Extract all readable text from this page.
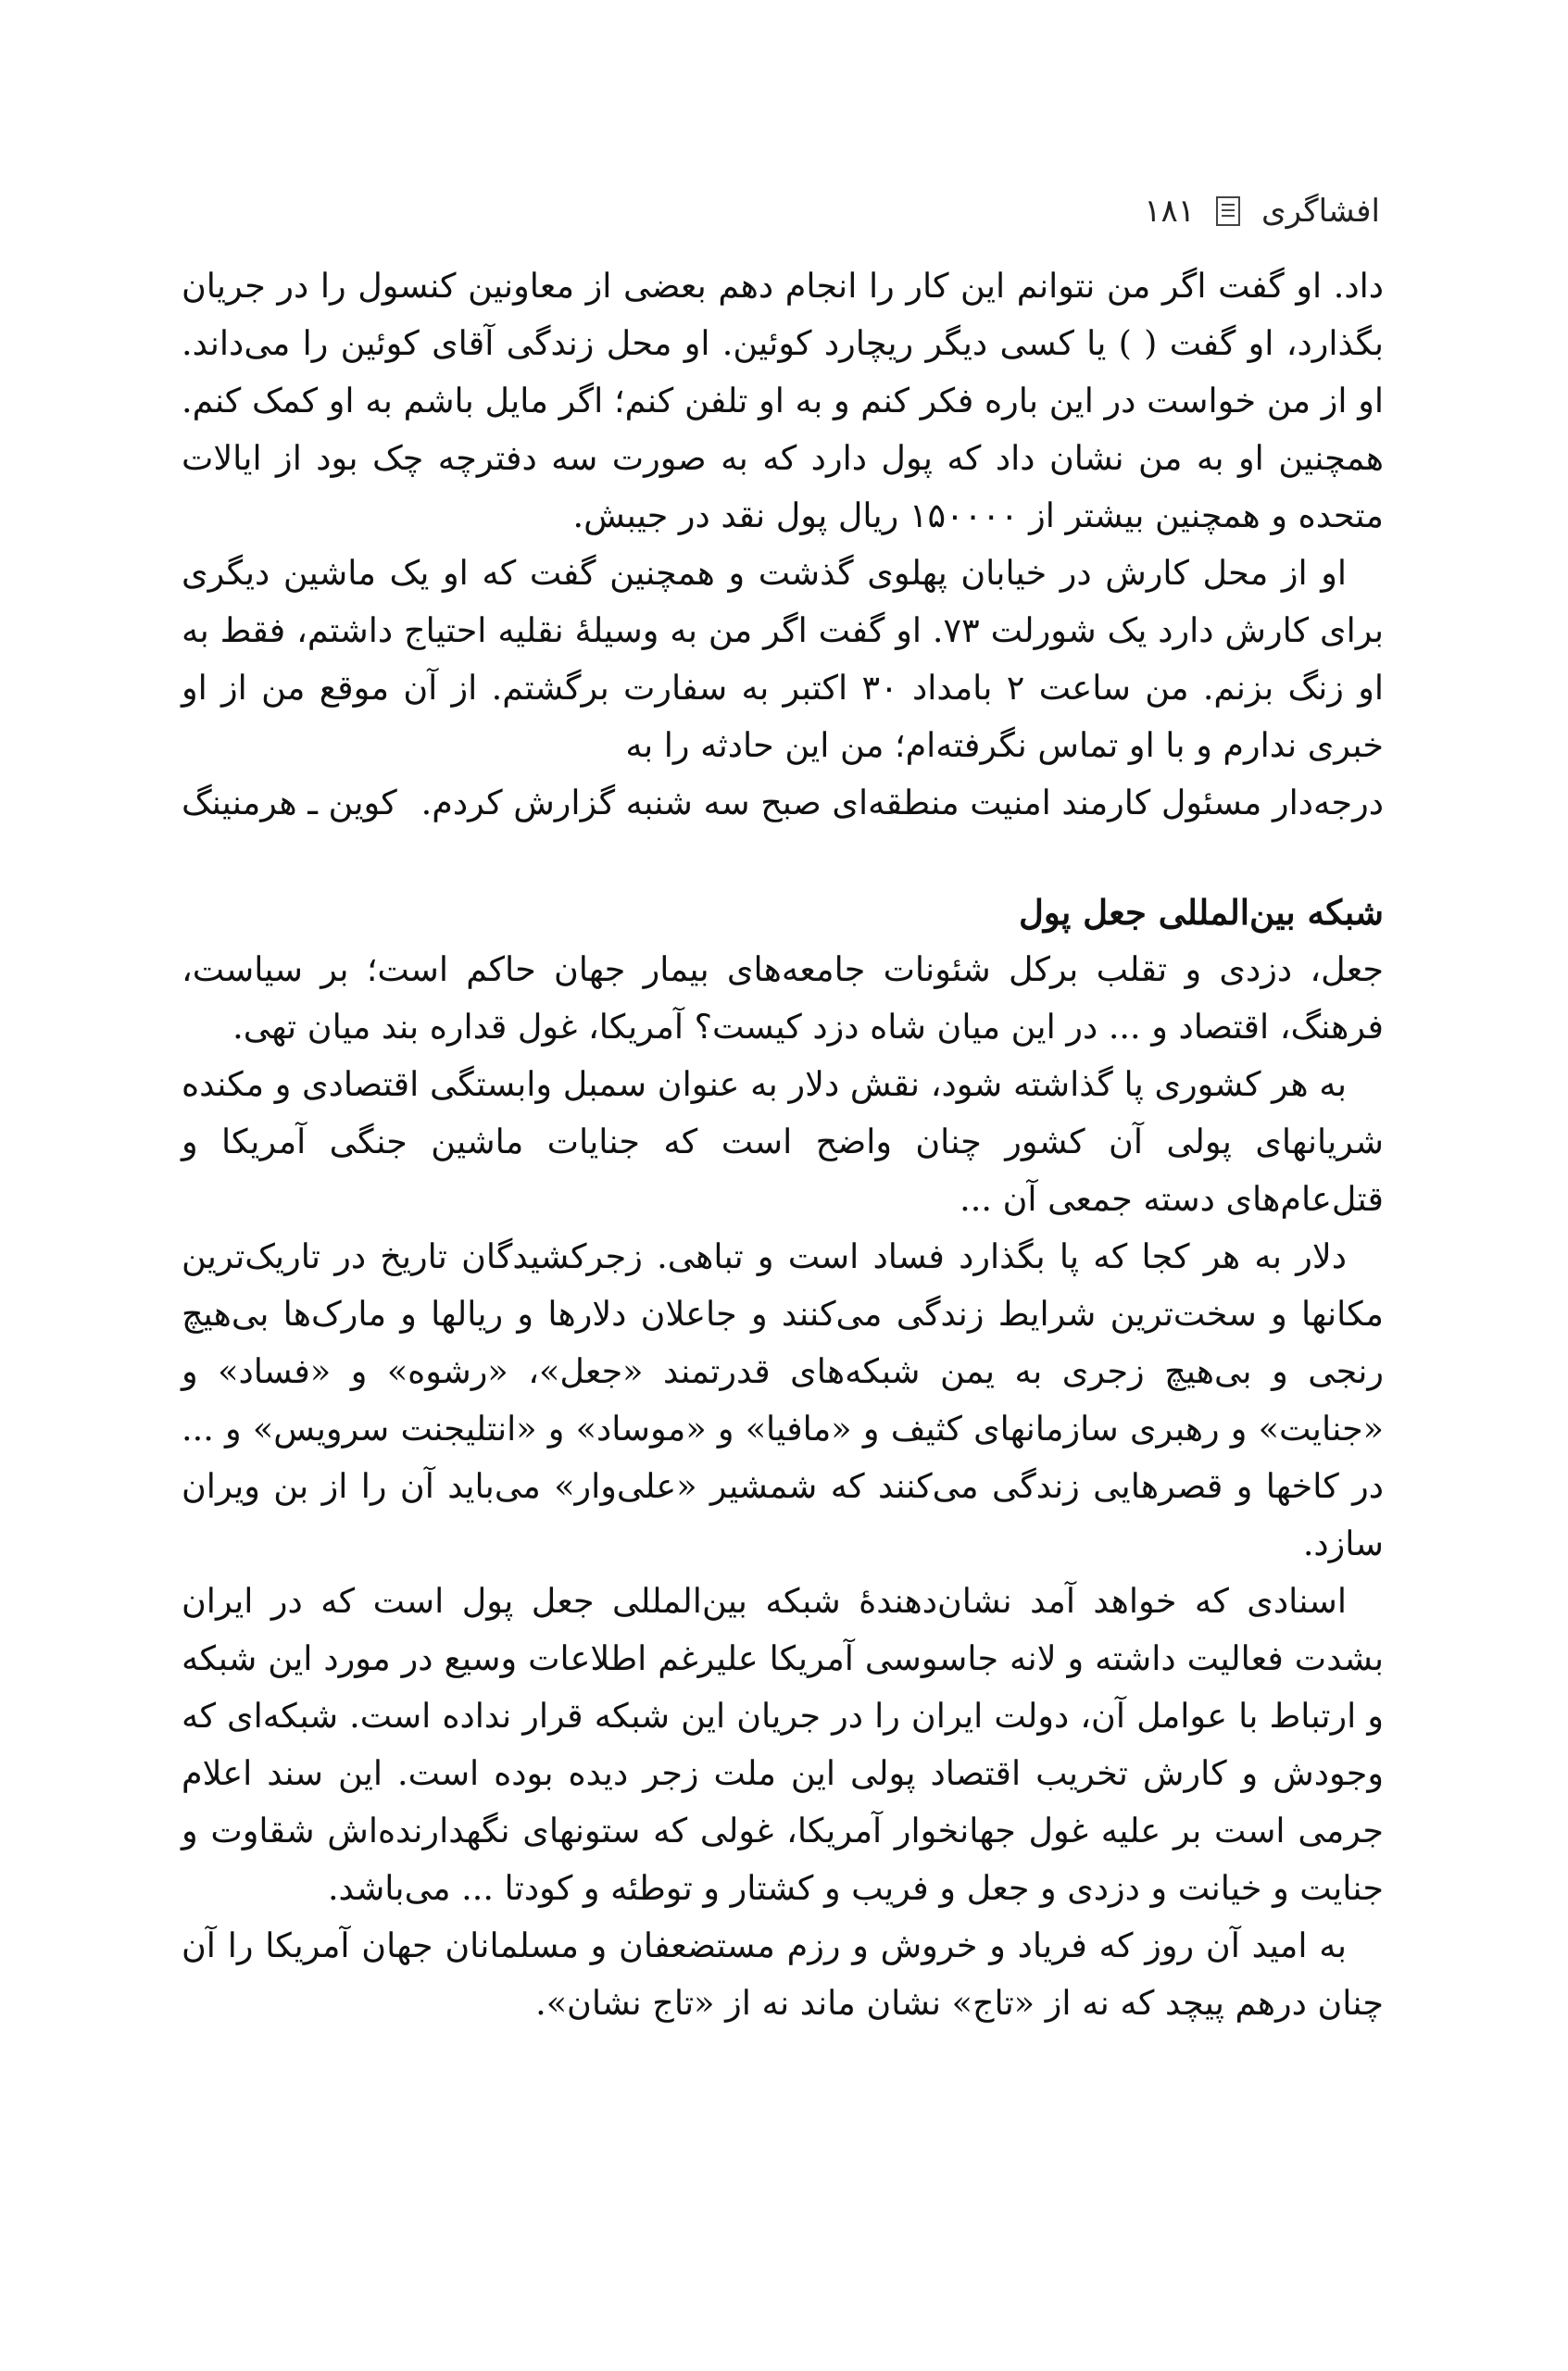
افشاگری
۱۸۱

داد. او گفت اگر من نتوانم این کار را انجام دهم بعضی از معاونین کنسول را در جریان بگذارد، او گفت ( ) یا کسی دیگر ریچارد کوئین. او محل زندگی آقای کوئین را می‌داند. او از من خواست در این باره فکر کنم و به او تلفن کنم؛ اگر مایل باشم به او کمک کنم. همچنین او به من نشان داد که پول دارد که به صورت سه دفترچه چک بود از ایالات متحده و همچنین بیشتر از ۱۵۰۰۰۰ ریال پول نقد در جیبش.

او از محل کارش در خیابان پهلوی گذشت و همچنین گفت که او یک ماشین دیگری برای کارش دارد یک شورلت ۷۳. او گفت اگر من به وسیلهٔ نقلیه احتیاج داشتم، فقط به او زنگ بزنم. من ساعت ۲ بامداد ۳۰ اکتبر به سفارت برگشتم. از آن موقع من از او خبری ندارم و با او تماس نگرفته‌ام؛ من این حادثه را به

درجه‌دار مسئول کارمند امنیت منطقه‌ای صبح سه شنبه گزارش کردم.
کوین ـ هرمنینگ

شبکه بین‌المللی جعل پول

جعل، دزدی و تقلب برکل شئونات جامعه‌های بیمار جهان حاکم است؛ بر سیاست، فرهنگ، اقتصاد و ... در این میان شاه دزد کیست؟ آمریکا، غول قداره بند میان تهی.

به هر کشوری پا گذاشته شود، نقش دلار به عنوان سمبل وابستگی اقتصادی و مکنده شریانهای پولی آن کشور چنان واضح است که جنایات ماشین جنگی آمریکا و قتل‌عام‌های دسته جمعی آن ...

دلار به هر کجا که پا بگذارد فساد است و تباهی. زجرکشیدگان تاریخ در تاریک‌ترین مکانها و سخت‌ترین شرایط زندگی می‌کنند و جاعلان دلارها و ریالها و مارک‌ها بی‌هیچ رنجی و بی‌هیچ زجری به یمن شبکه‌های قدرتمند «جعل»، «رشوه» و «فساد» و «جنایت» و رهبری سازمانهای کثیف و «مافیا» و «موساد» و «انتلیجنت سرویس» و ... در کاخها و قصرهایی زندگی می‌کنند که شمشیر «علی‌وار» می‌باید آن را از بن ویران سازد.

اسنادی که خواهد آمد نشان‌دهندهٔ شبکه بین‌المللی جعل پول است که در ایران بشدت فعالیت داشته و لانه جاسوسی آمریکا علیرغم اطلاعات وسیع در مورد این شبکه و ارتباط با عوامل آن، دولت ایران را در جریان این شبکه قرار نداده است. شبکه‌ای که وجودش و کارش تخریب اقتصاد پولی این ملت زجر دیده بوده است. این سند اعلام جرمی است بر علیه غول جهانخوار آمریکا، غولی که ستونهای نگهدارنده‌اش شقاوت و جنایت و خیانت و دزدی و جعل و فریب و کشتار و توطئه و کودتا ... می‌باشد.

به امید آن روز که فریاد و خروش و رزم مستضعفان و مسلمانان جهان آمریکا را آن چنان درهم پیچد که نه از «تاج» نشان ماند نه از «تاج نشان».
